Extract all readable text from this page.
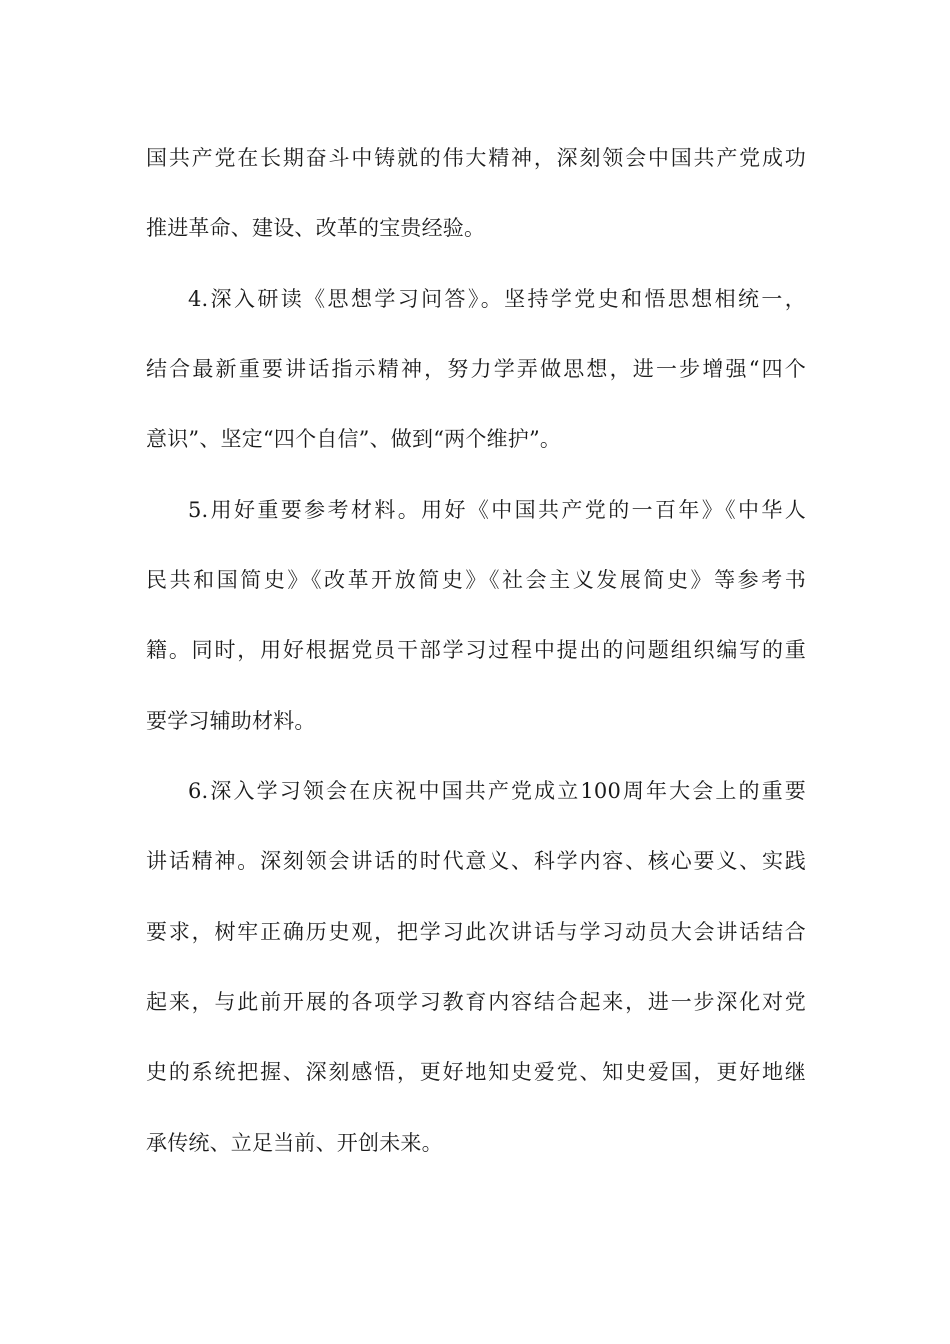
国共产党在长期奋斗中铸就的伟大精神，深刻领会中国共产党成功
推进革命、建设、改革的宝贵经验。
4.深入研读《思想学习问答》。坚持学党史和悟思想相统一，
结合最新重要讲话指示精神，努力学弄做思想，进一步增强“四个
意识”、坚定“四个自信”、做到“两个维护”。
5.用好重要参考材料。用好《中国共产党的一百年》《中华人
民共和国简史》《改革开放简史》《社会主义发展简史》等参考书
籍。同时，用好根据党员干部学习过程中提出的问题组织编写的重
要学习辅助材料。
6.深入学习领会在庆祝中国共产党成立100周年大会上的重要
讲话精神。深刻领会讲话的时代意义、科学内容、核心要义、实践
要求，树牢正确历史观，把学习此次讲话与学习动员大会讲话结合
起来，与此前开展的各项学习教育内容结合起来，进一步深化对党
史的系统把握、深刻感悟，更好地知史爱党、知史爱国，更好地继
承传统、立足当前、开创未来。
